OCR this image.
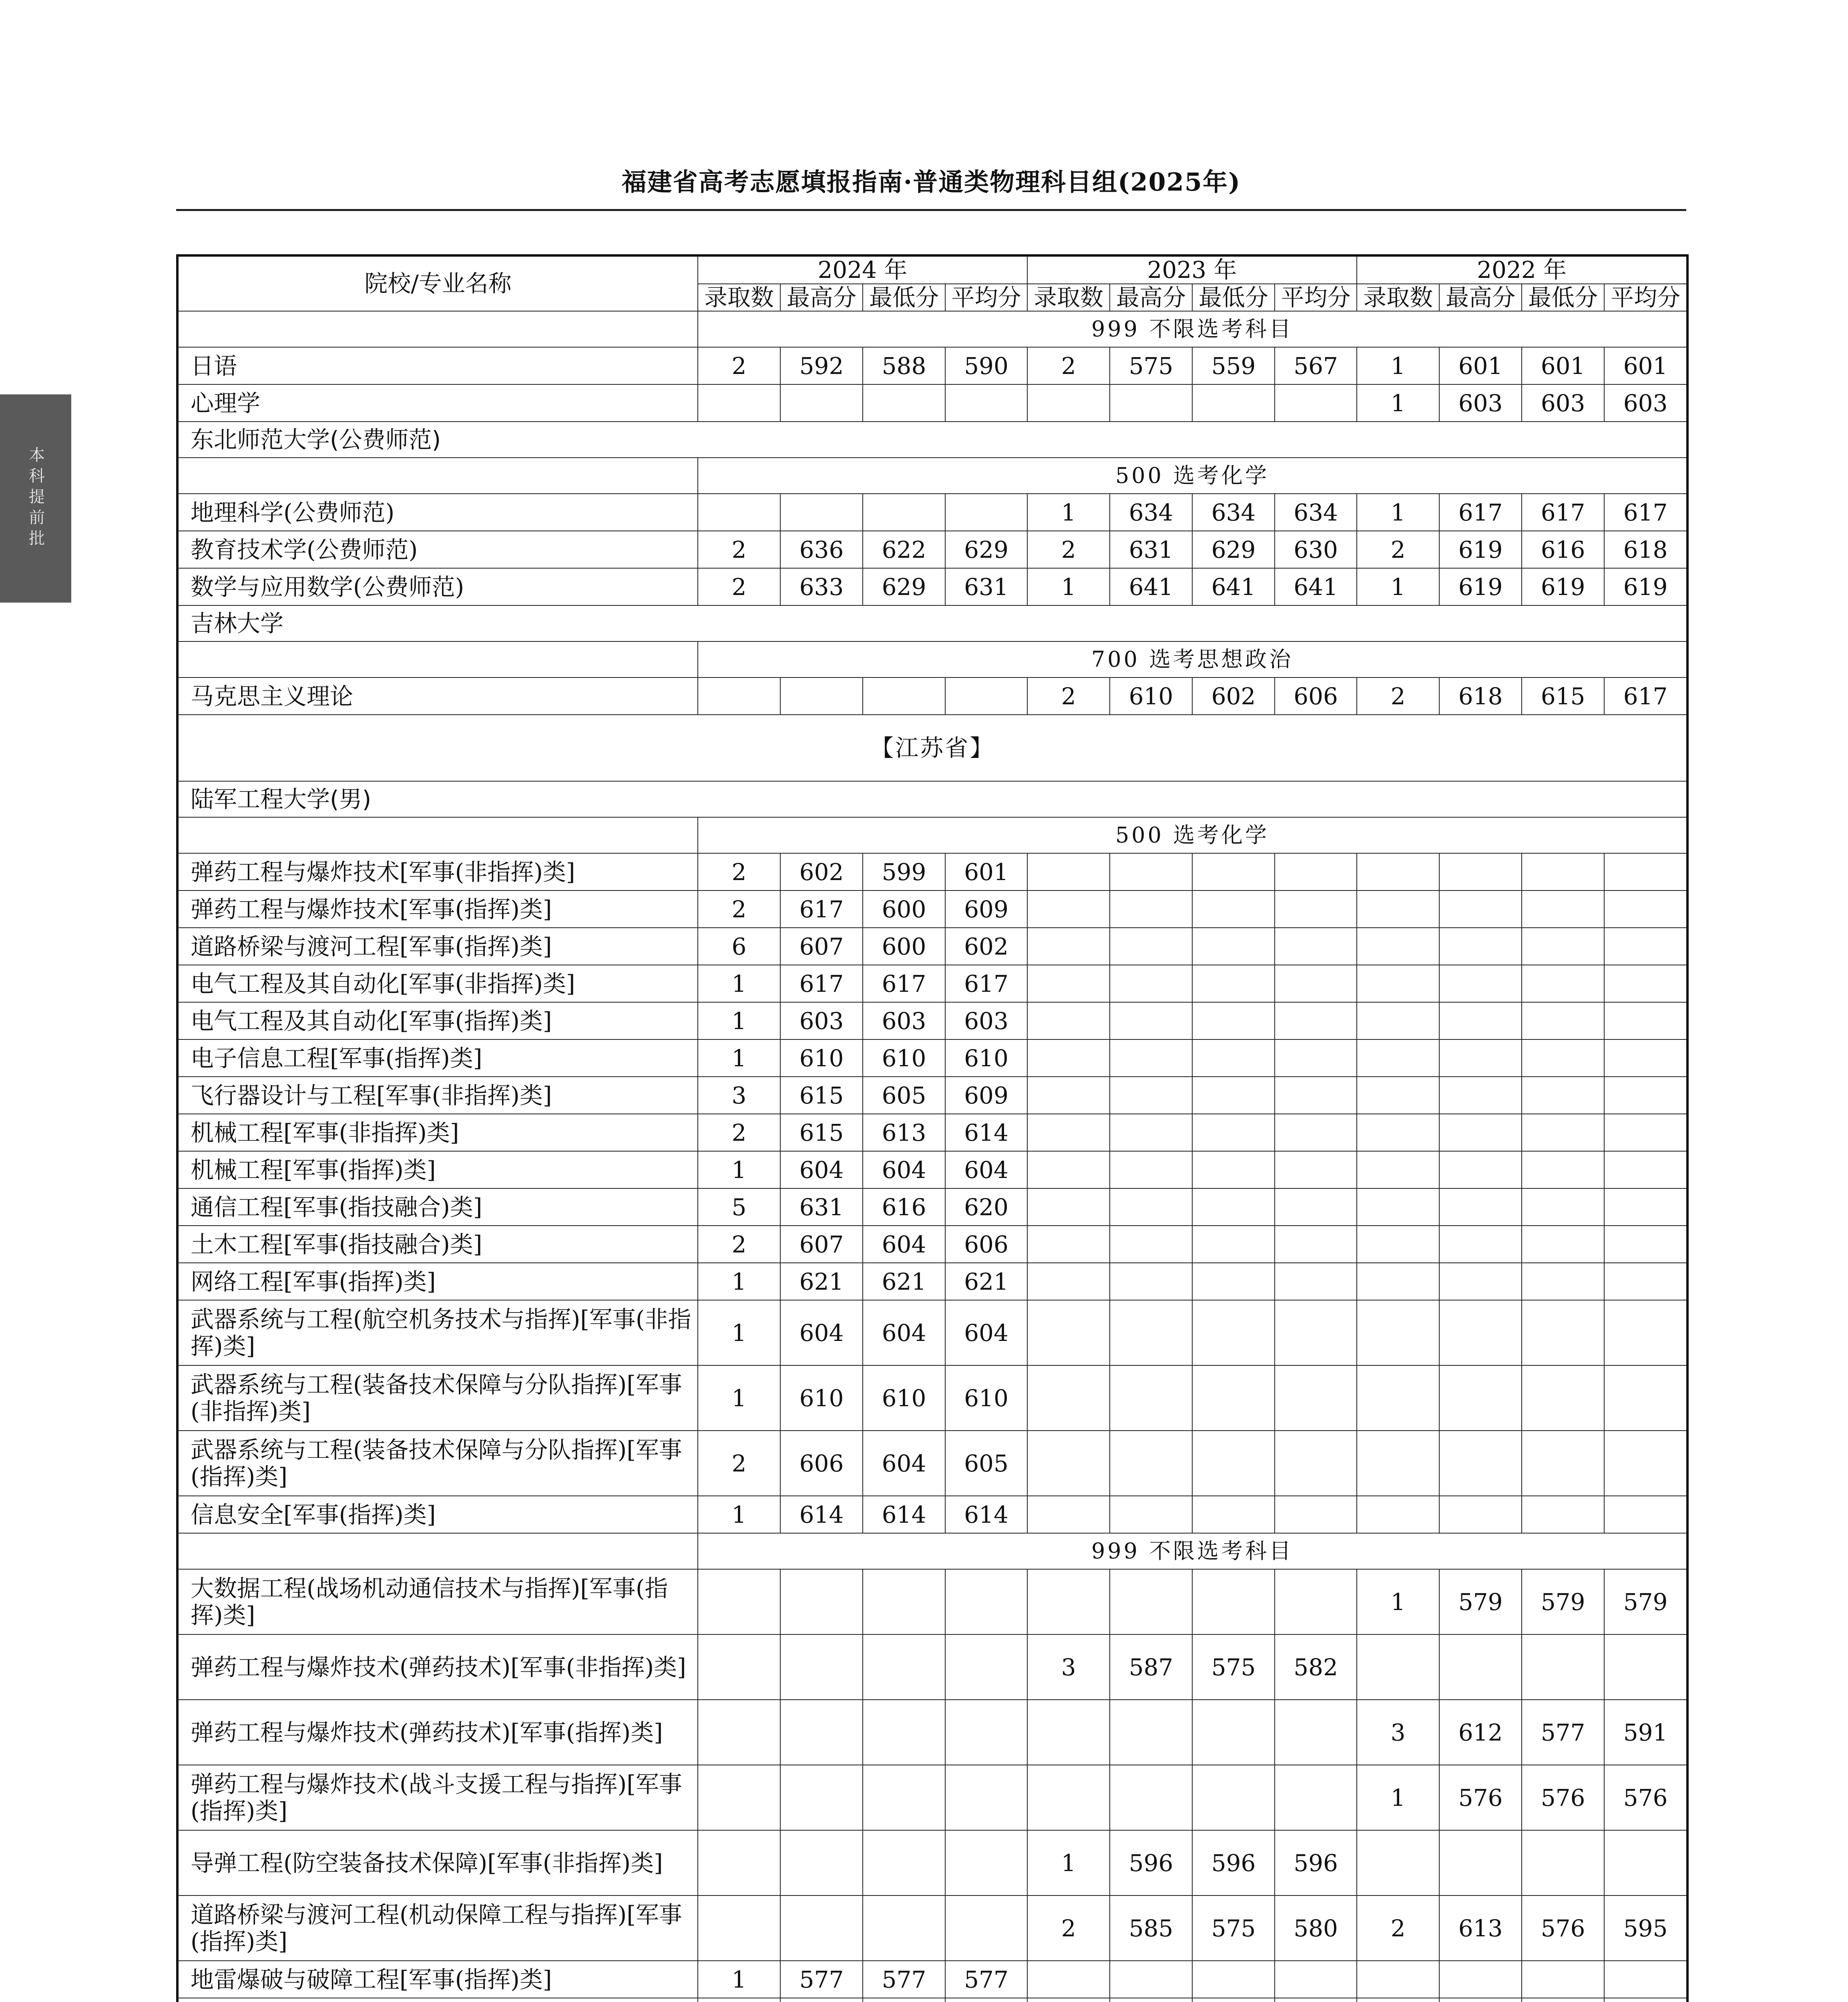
福建省高考志愿填报指南·普通类物理科目组(2025年)
本科提前批
院校/专业名称	2024 年				2023 年				2022 年			
	录取数	最高分	最低分	平均分	录取数	最高分	最低分	平均分	录取数	最高分	最低分	平均分
	999 不限选考科目											
日语	2	592	588	590	2	575	559	567	1	601	601	601
心理学									1	603	603	603
东北师范大学(公费师范)												
	500 选考化学											
地理科学(公费师范)					1	634	634	634	1	617	617	617
教育技术学(公费师范)	2	636	622	629	2	631	629	630	2	619	616	618
数学与应用数学(公费师范)	2	633	629	631	1	641	641	641	1	619	619	619
吉林大学												
	700 选考思想政治											
马克思主义理论					2	610	602	606	2	618	615	617
【江苏省】												
陆军工程大学(男)												
	500 选考化学											
弹药工程与爆炸技术[军事(非指挥)类]	2	602	599	601								
弹药工程与爆炸技术[军事(指挥)类]	2	617	600	609								
道路桥梁与渡河工程[军事(指挥)类]	6	607	600	602								
电气工程及其自动化[军事(非指挥)类]	1	617	617	617								
电气工程及其自动化[军事(指挥)类]	1	603	603	603								
电子信息工程[军事(指挥)类]	1	610	610	610								
飞行器设计与工程[军事(非指挥)类]	3	615	605	609								
机械工程[军事(非指挥)类]	2	615	613	614								
机械工程[军事(指挥)类]	1	604	604	604								
通信工程[军事(指技融合)类]	5	631	616	620								
土木工程[军事(指技融合)类]	2	607	604	606								
网络工程[军事(指挥)类]	1	621	621	621								
武器系统与工程(航空机务技术与指挥)[军事(非指挥)类]	1	604	604	604								
武器系统与工程(装备技术保障与分队指挥)[军事(非指挥)类]	1	610	610	610								
武器系统与工程(装备技术保障与分队指挥)[军事(指挥)类]	2	606	604	605								
信息安全[军事(指挥)类]	1	614	614	614								
	999 不限选考科目											
大数据工程(战场机动通信技术与指挥)[军事(指挥)类]									1	579	579	579
弹药工程与爆炸技术(弹药技术)[军事(非指挥)类]					3	587	575	582				
弹药工程与爆炸技术(弹药技术)[军事(指挥)类]									3	612	577	591
弹药工程与爆炸技术(战斗支援工程与指挥)[军事(指挥)类]									1	576	576	576
导弹工程(防空装备技术保障)[军事(非指挥)类]					1	596	596	596				
道路桥梁与渡河工程(机动保障工程与指挥)[军事(指挥)类]					2	585	575	580	2	613	576	595
地雷爆破与破障工程[军事(指挥)类]	1	577	577	577								
